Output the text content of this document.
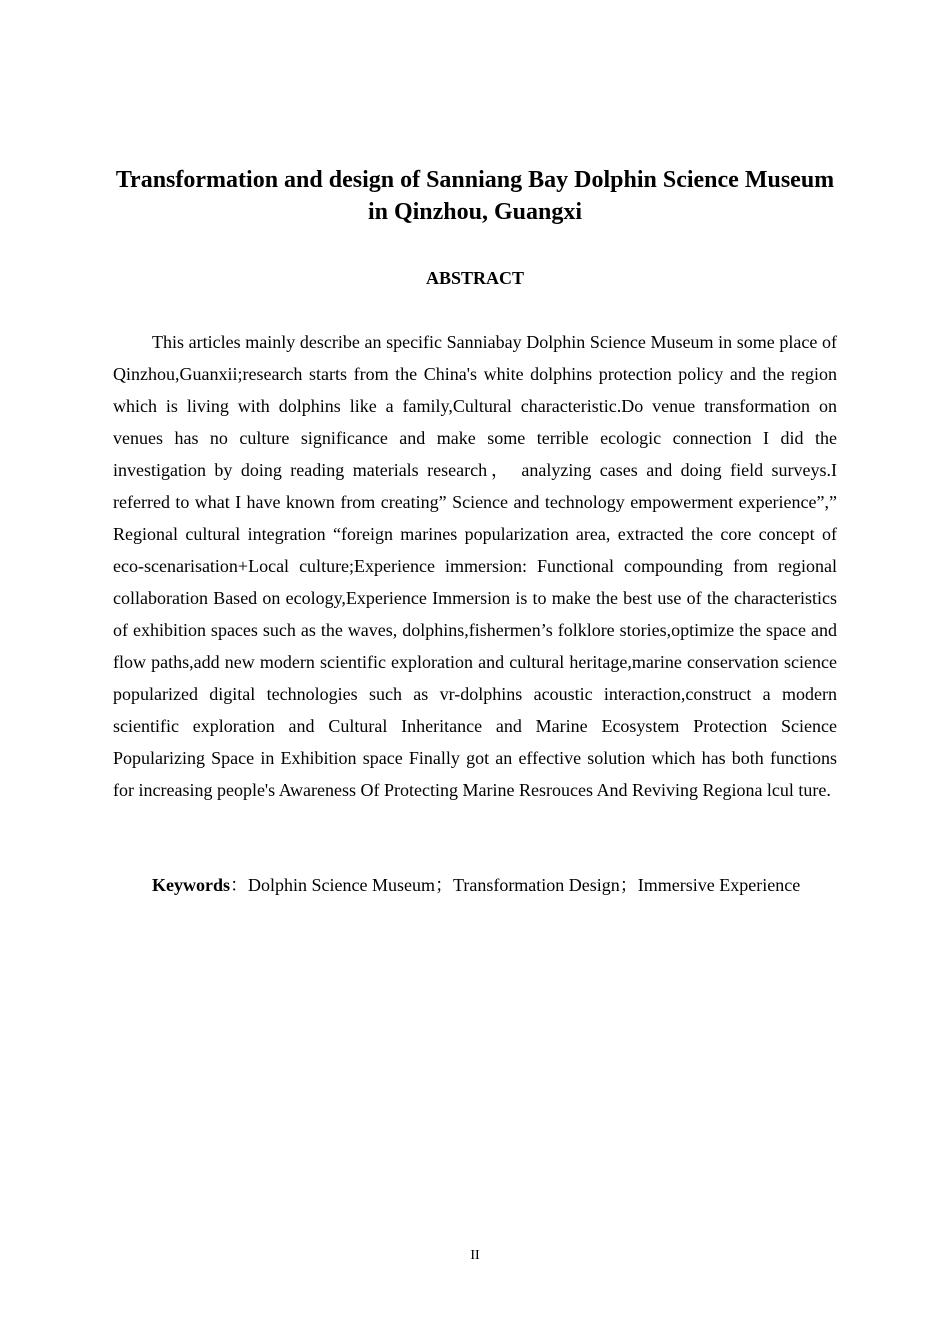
Transformation and design of Sanniang Bay Dolphin Science Museum in Qinzhou, Guangxi
ABSTRACT

This articles mainly describe an specific Sanniabay Dolphin Science Museum in some place of Qinzhou,Guanxii;research starts from the China's white dolphins protection policy and the region which is living with dolphins like a family,Cultural characteristic.Do venue transformation on venues has no culture significance and make some terrible ecologic connection I did the investigation by doing reading materials research， analyzing cases and doing field surveys.I referred to what I have known from creating” Science and technology empowerment experience”,” Regional cultural integration “foreign marines popularization area, extracted the core concept of eco-scenarisation+Local culture;Experience immersion: Functional compounding from regional collaboration Based on ecology,Experience Immersion is to make the best use of the characteristics of exhibition spaces such as the waves, dolphins,fishermen’s folklore stories,optimize the space and flow paths,add new modern scientific exploration and cultural heritage,marine conservation science popularized digital technologies such as vr-dolphins acoustic interaction,construct a modern scientific exploration and Cultural Inheritance and Marine Ecosystem Protection Science Popularizing Space in Exhibition space Finally got an effective solution which has both functions for increasing people's Awareness Of Protecting Marine Resrouces And Reviving Regiona lcul ture.

Keywords：Dolphin Science Museum；Transformation Design；Immersive Experience

II
